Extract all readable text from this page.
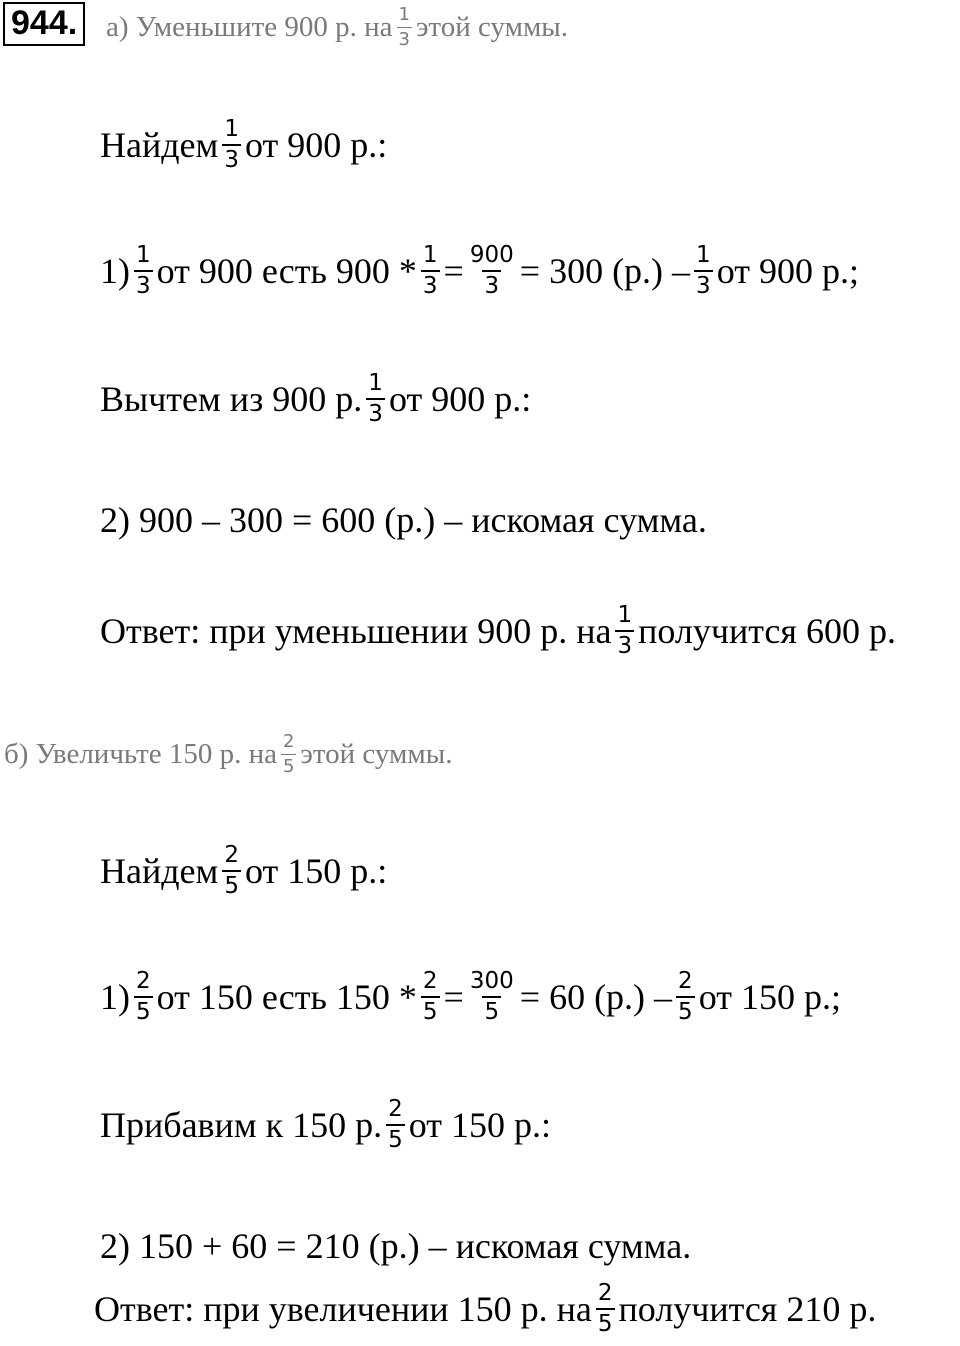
944. а)
Уменьшите 900 р. на $\frac{1}{3}$ этой суммы.
Найдем $\frac{1}{3}$ от 900 р.:
$1) \frac{1}{3}$ от 900 есть $900 * \frac{1}{3} = \frac{900}{3} = 300$ $(р.) - \frac{1}{3}$ от 900 р.;
Вычтем из 900 р. $\frac{1}{3}$ от 900 р.:
2) 900 – 300 = 600 (р.) – искомая сумма.
Ответ: при уменьшении 900 р. на $\frac{1}{3}$ получится 600 р.
б)
Увеличьте 150 р. на $\frac{2}{5}$ этой суммы.
Найдем $\frac{2}{5}$ от 150 р.:
$1) \frac{2}{5}$ от 150 есть $150 * \frac{2}{5} = \frac{300}{5} = 60$ $(р.) - \frac{2}{5}$ от 150 р.;
Прибавим к 150 р. $\frac{2}{5}$ от 150 р.:
2) 150 + 60 = 210 (р.) – искомая сумма.
Ответ: при увеличении 150 р. на $\frac{2}{5}$ получится 210 р.
